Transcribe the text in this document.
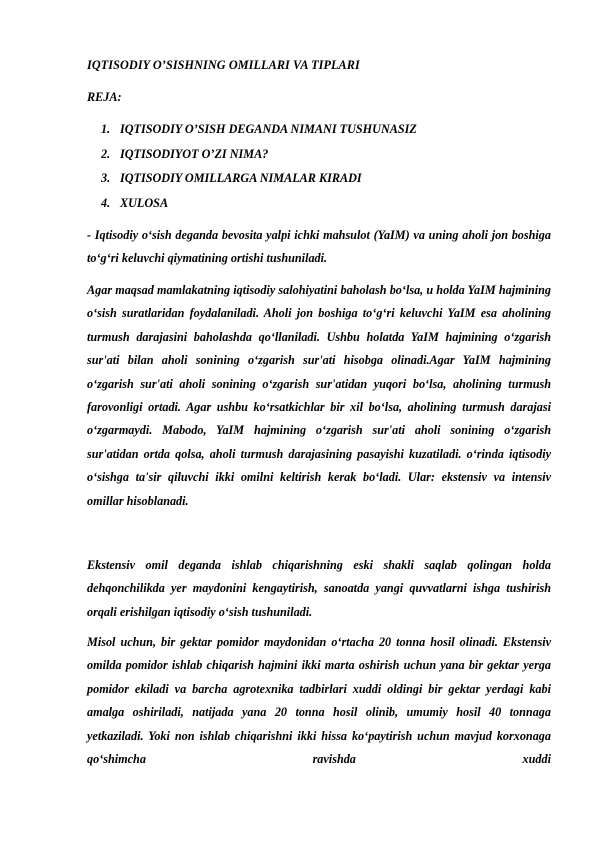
IQTISODIY O’SISHNING OMILLARI VA TIPLARI
REJA:
1. IQTISODIY O’SISH DEGANDA NIMANI TUSHUNASIZ
2. IQTISODIYOT O’ZI NIMA?
3. IQTISODIY OMILLARGA NIMALAR KIRADI
4. XULOSA

- Iqtisodiy o‘sish deganda bevosita yalpi ichki mahsulot (YaIM) va uning aholi jon boshiga to‘g‘ri keluvchi qiymatining ortishi tushuniladi.

Agar maqsad mamlakatning iqtisodiy salohiyatini baholash bo‘lsa, u holda YaIM hajmining o‘sish suratlaridan foydalaniladi. Aholi jon boshiga to‘g‘ri keluvchi YaIM esa aholining turmush darajasini baholashda qo‘llaniladi. Ushbu holatda YaIM hajmining o‘zgarish sur'ati bilan aholi sonining o‘zgarish sur'ati hisobga olinadi.Agar YaIM hajmining o‘zgarish sur'ati aholi sonining o‘zgarish sur'atidan yuqori bo‘lsa, aholining turmush farovonligi ortadi. Agar ushbu ko‘rsatkichlar bir xil bo‘lsa, aholining turmush darajasi o‘zgarmaydi. Mabodo, YaIM hajmining o‘zgarish sur'ati aholi sonining o‘zgarish sur'atidan ortda qolsa, aholi turmush darajasining pasayishi kuzatiladi. o‘rinda iqtisodiy o‘sishga ta'sir qiluvchi ikki omilni keltirish kerak bo‘ladi. Ular: ekstensiv va intensiv omillar hisoblanadi.

Ekstensiv omil deganda ishlab chiqarishning eski shakli saqlab qolingan holda dehqonchilikda yer maydonini kengaytirish, sanoatda yangi quvvatlarni ishga tushirish orqali erishilgan iqtisodiy o‘sish tushuniladi.

Misol uchun, bir gektar pomidor maydonidan o‘rtacha 20 tonna hosil olinadi. Ekstensiv omilda pomidor ishlab chiqarish hajmini ikki marta oshirish uchun yana bir gektar yerga pomidor ekiladi va barcha agrotexnika tadbirlari xuddi oldingi bir gektar yerdagi kabi amalga oshiriladi, natijada yana 20 tonna hosil olinib, umumiy hosil 40 tonnaga yetkaziladi. Yoki non ishlab chiqarishni ikki hissa ko‘paytirish uchun mavjud korxonaga qo‘shimcha ravishda xuddi
